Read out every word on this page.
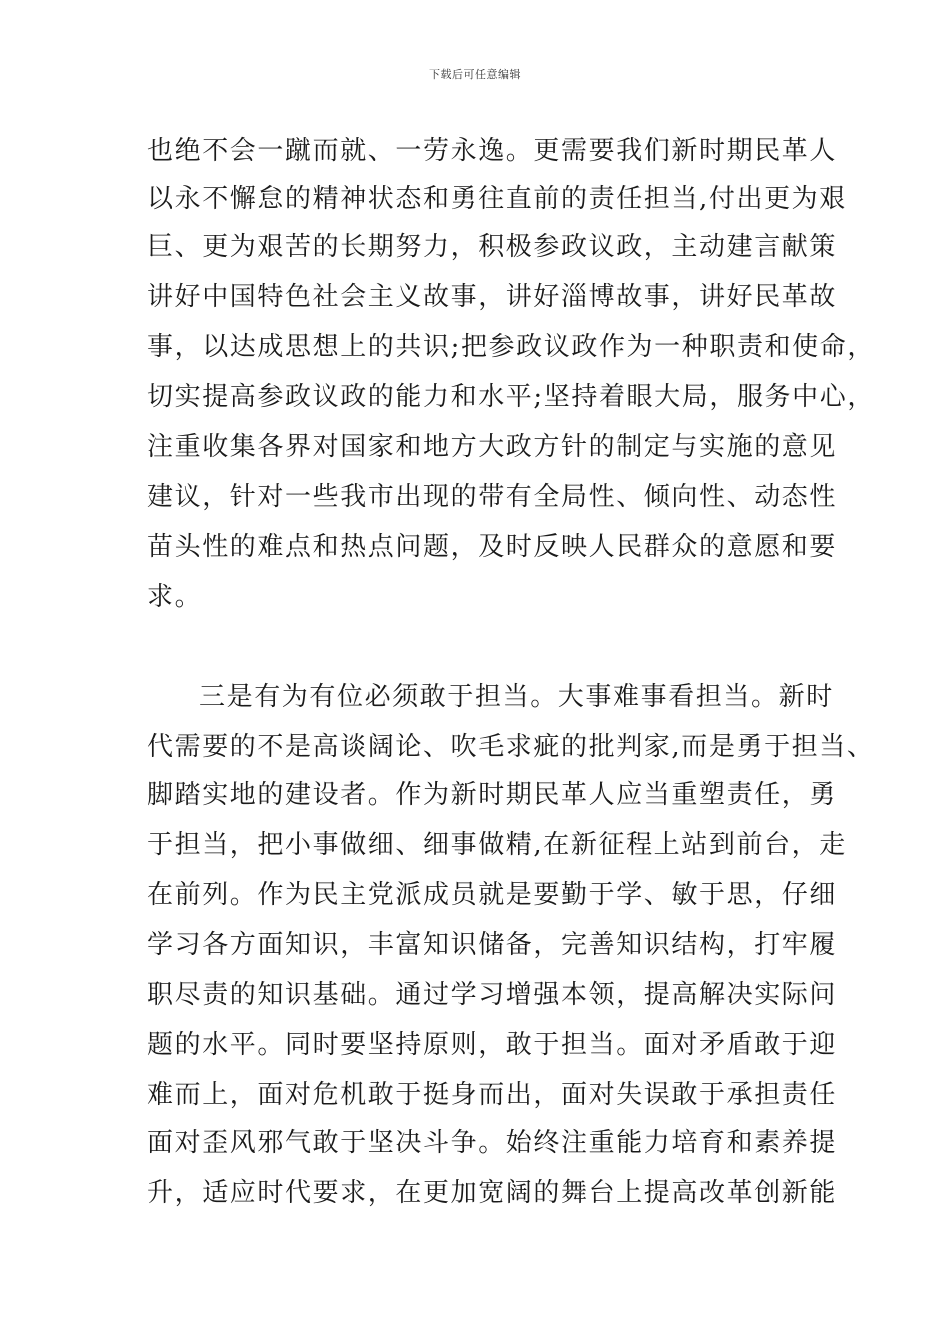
下载后可任意编辑
也绝不会一蹴而就、一劳永逸。更需要我们新时期民革人
以永不懈怠的精神状态和勇往直前的责任担当,付出更为艰
巨、更为艰苦的长期努力，积极参政议政，主动建言献策
讲好中国特色社会主义故事，讲好淄博故事，讲好民革故
事，以达成思想上的共识;把参政议政作为一种职责和使命，
切实提高参政议政的能力和水平;坚持着眼大局，服务中心，
注重收集各界对国家和地方大政方针的制定与实施的意见
建议，针对一些我市出现的带有全局性、倾向性、动态性
苗头性的难点和热点问题，及时反映人民群众的意愿和要
求。
三是有为有位必须敢于担当。大事难事看担当。新时
代需要的不是高谈阔论、吹毛求疵的批判家,而是勇于担当、
脚踏实地的建设者。作为新时期民革人应当重塑责任，勇
于担当，把小事做细、细事做精,在新征程上站到前台，走
在前列。作为民主党派成员就是要勤于学、敏于思，仔细
学习各方面知识，丰富知识储备，完善知识结构，打牢履
职尽责的知识基础。通过学习增强本领，提高解决实际问
题的水平。同时要坚持原则，敢于担当。面对矛盾敢于迎
难而上，面对危机敢于挺身而出，面对失误敢于承担责任
面对歪风邪气敢于坚决斗争。始终注重能力培育和素养提
升，适应时代要求，在更加宽阔的舞台上提高改革创新能
